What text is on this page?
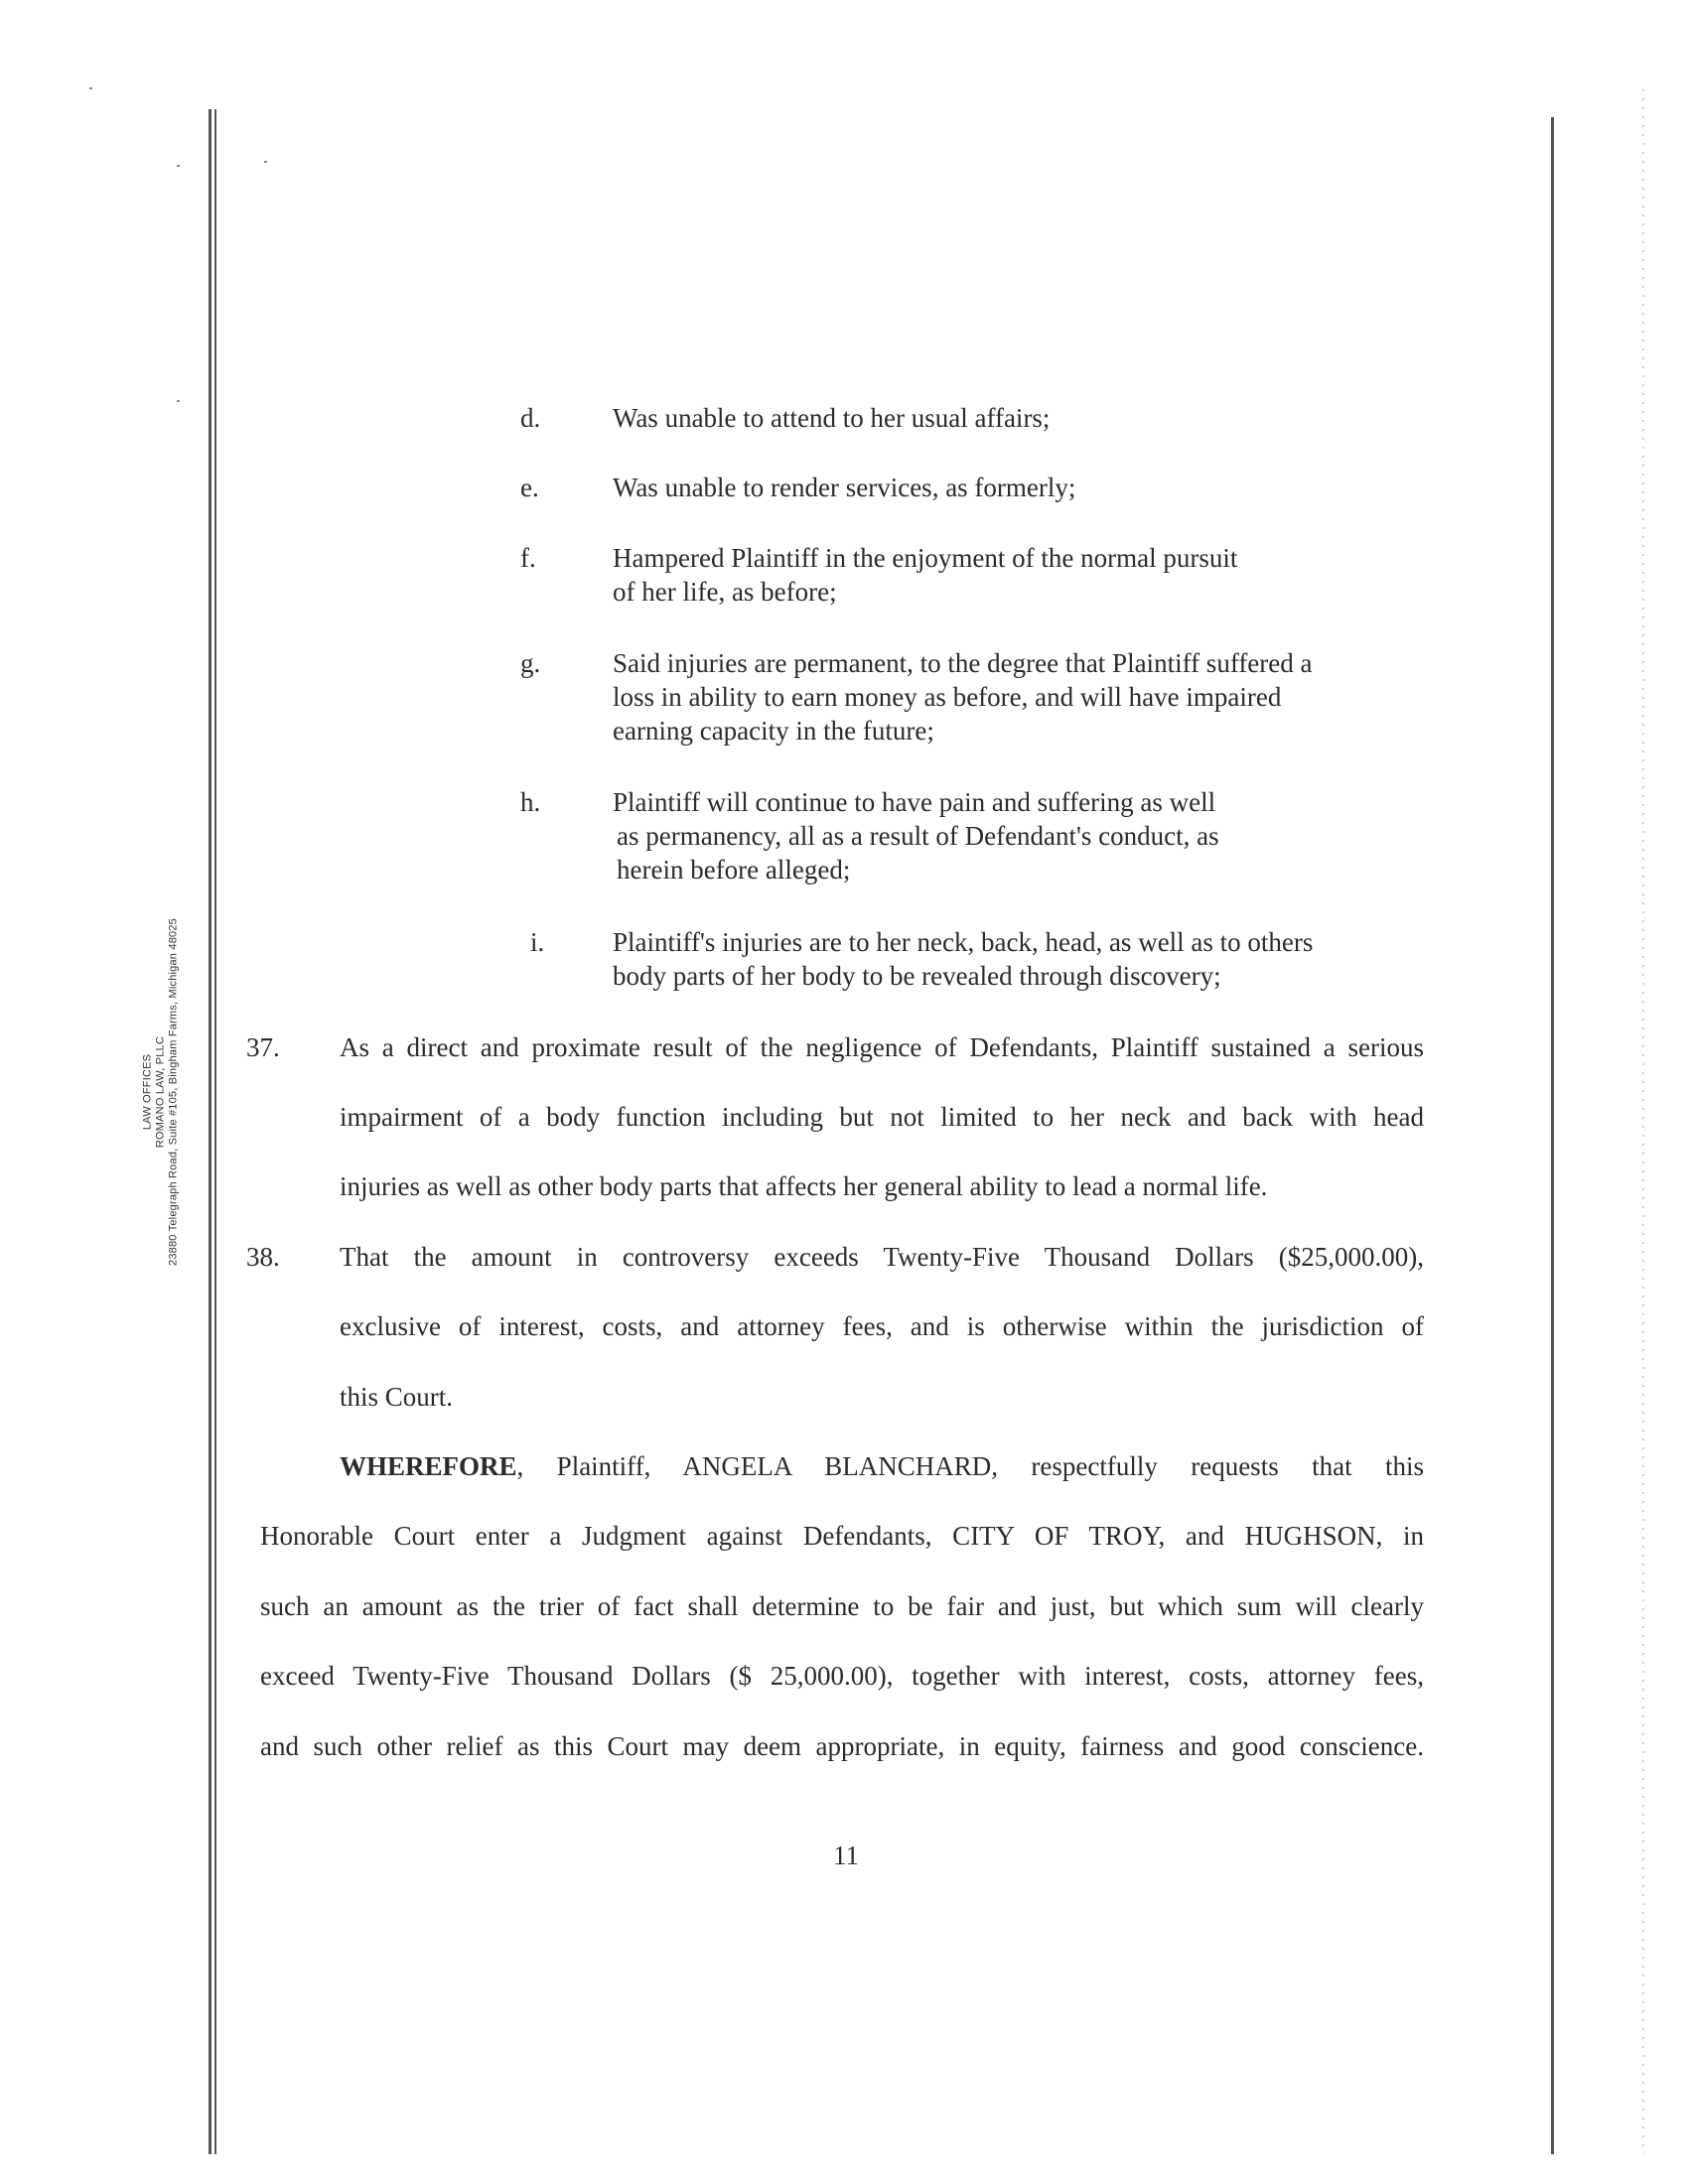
LAW OFFICES ROMANO LAW, PLLC 23880 Telegraph Road, Suite #105, Bingham Farms, Michigan 48025
d.	Was unable to attend to her usual affairs;
e.	Was unable to render services, as formerly;
f.	Hampered Plaintiff in the enjoyment of the normal pursuit
of her life, as before;
g.	Said injuries are permanent, to the degree that Plaintiff suffered a
loss in ability to earn money as before, and will have impaired
earning capacity in the future;
h.	Plaintiff will continue to have pain and suffering as well
as permanency, all as a result of Defendant's conduct, as
herein before alleged;
i.	Plaintiff's injuries are to her neck, back, head, as well as to others
body parts of her body to be revealed through discovery;
37. As a direct and proximate result of the negligence of Defendants, Plaintiff sustained a serious
impairment of a body function including but not limited to her neck and back with head
injuries as well as other body parts that affects her general ability to lead a normal life.
38. That the amount in controversy exceeds Twenty-Five Thousand Dollars ($25,000.00),
exclusive of interest, costs, and attorney fees, and is otherwise within the jurisdiction of
this Court.
WHEREFORE, Plaintiff, ANGELA BLANCHARD, respectfully requests that this
Honorable Court enter a Judgment against Defendants, CITY OF TROY, and HUGHSON, in
such an amount as the trier of fact shall determine to be fair and just, but which sum will clearly
exceed Twenty-Five Thousand Dollars ($ 25,000.00), together with interest, costs, attorney fees,
and such other relief as this Court may deem appropriate, in equity, fairness and good conscience.
11
